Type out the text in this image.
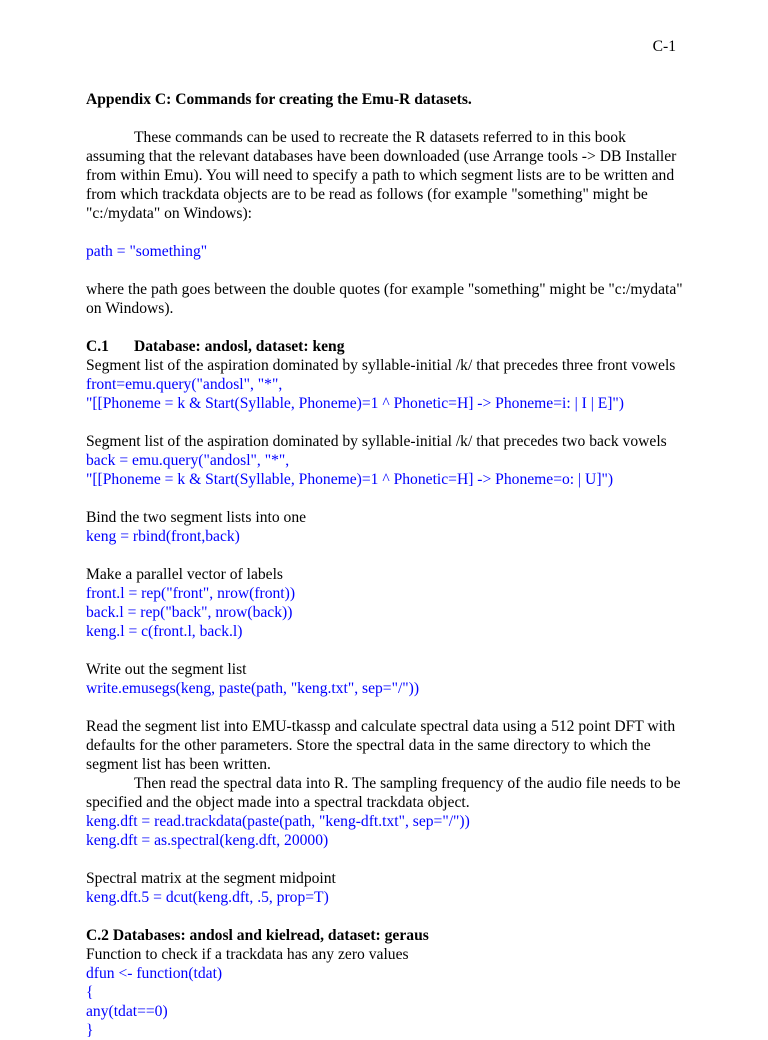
C-1

Appendix C: Commands for creating the Emu-R datasets.

These commands can be used to recreate the R datasets referred to in this book assuming that the relevant databases have been downloaded (use Arrange tools -> DB Installer from within Emu). You will need to specify a path to which segment lists are to be written and from which trackdata objects are to be read as follows (for example "something" might be "c:/mydata" on Windows):

path = "something"

where the path goes between the double quotes (for example "something" might be "c:/mydata" on Windows).

C.1 Database: andosl, dataset: keng

Segment list of the aspiration dominated by syllable-initial /k/ that precedes three front vowels

front=emu.query("andosl", "*",

"[[Phoneme = k & Start(Syllable, Phoneme)=1 ^ Phonetic=H] -> Phoneme=i: | I | E]")

Segment list of the aspiration dominated by syllable-initial /k/ that precedes two back vowels

back = emu.query("andosl", "*",

"[[Phoneme = k & Start(Syllable, Phoneme)=1 ^ Phonetic=H] -> Phoneme=o: | U]")

Bind the two segment lists into one

keng = rbind(front,back)

Make a parallel vector of labels

front.l = rep("front", nrow(front))

back.l = rep("back", nrow(back))

keng.l = c(front.l, back.l)

Write out the segment list

write.emusegs(keng, paste(path, "keng.txt", sep="/"))

Read the segment list into EMU-tkassp and calculate spectral data using a 512 point DFT with defaults for the other parameters. Store the spectral data in the same directory to which the segment list has been written.

Then read the spectral data into R. The sampling frequency of the audio file needs to be specified and the object made into a spectral trackdata object.

keng.dft = read.trackdata(paste(path, "keng-dft.txt", sep="/"))

keng.dft = as.spectral(keng.dft, 20000)

Spectral matrix at the segment midpoint

keng.dft.5 = dcut(keng.dft, .5, prop=T)

C.2 Databases: andosl and kielread, dataset: geraus

Function to check if a trackdata has any zero values

dfun <- function(tdat)

{

any(tdat==0)

}
